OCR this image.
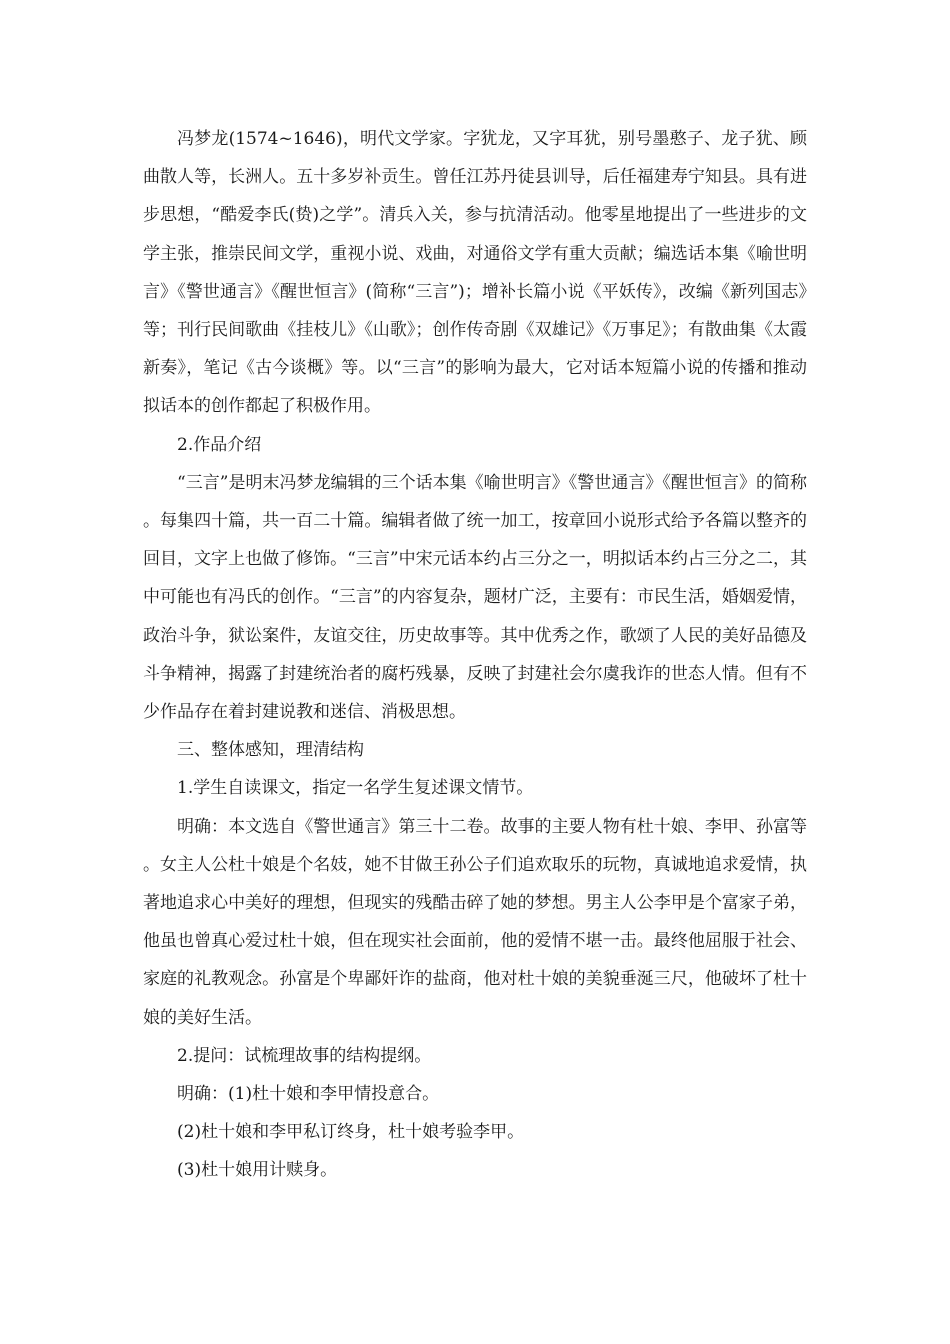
冯梦龙(1574~1646)，明代文学家。字犹龙，又字耳犹，别号墨憨子、龙子犹、顾曲散人等，长洲人。五十多岁补贡生。曾任江苏丹徒县训导，后任福建寿宁知县。具有进步思想，“酷爱李氏(贽)之学”。清兵入关，参与抗清活动。他零星地提出了一些进步的文学主张，推崇民间文学，重视小说、戏曲，对通俗文学有重大贡献；编选话本集《喻世明言》《警世通言》《醒世恒言》(简称“三言”)；增补长篇小说《平妖传》，改编《新列国志》等；刊行民间歌曲《挂枝儿》《山歌》；创作传奇剧《双雄记》《万事足》；有散曲集《太霞新奏》，笔记《古今谈概》等。以“三言”的影响为最大，它对话本短篇小说的传播和推动拟话本的创作都起了积极作用。

2.作品介绍

“三言”是明末冯梦龙编辑的三个话本集《喻世明言》《警世通言》《醒世恒言》的简称。每集四十篇，共一百二十篇。编辑者做了统一加工，按章回小说形式给予各篇以整齐的回目，文字上也做了修饰。“三言”中宋元话本约占三分之一，明拟话本约占三分之二，其中可能也有冯氏的创作。“三言”的内容复杂，题材广泛，主要有：市民生活，婚姻爱情，政治斗争，狱讼案件，友谊交往，历史故事等。其中优秀之作，歌颂了人民的美好品德及斗争精神，揭露了封建统治者的腐朽残暴，反映了封建社会尔虞我诈的世态人情。但有不少作品存在着封建说教和迷信、消极思想。

三、整体感知，理清结构

1.学生自读课文，指定一名学生复述课文情节。

明确：本文选自《警世通言》第三十二卷。故事的主要人物有杜十娘、李甲、孙富等。女主人公杜十娘是个名妓，她不甘做王孙公子们追欢取乐的玩物，真诚地追求爱情，执著地追求心中美好的理想，但现实的残酷击碎了她的梦想。男主人公李甲是个富家子弟，他虽也曾真心爱过杜十娘，但在现实社会面前，他的爱情不堪一击。最终他屈服于社会、家庭的礼教观念。孙富是个卑鄙奸诈的盐商，他对杜十娘的美貌垂涎三尺，他破坏了杜十娘的美好生活。

2.提问：试梳理故事的结构提纲。

明确：(1)杜十娘和李甲情投意合。

(2)杜十娘和李甲私订终身，杜十娘考验李甲。

(3)杜十娘用计赎身。
